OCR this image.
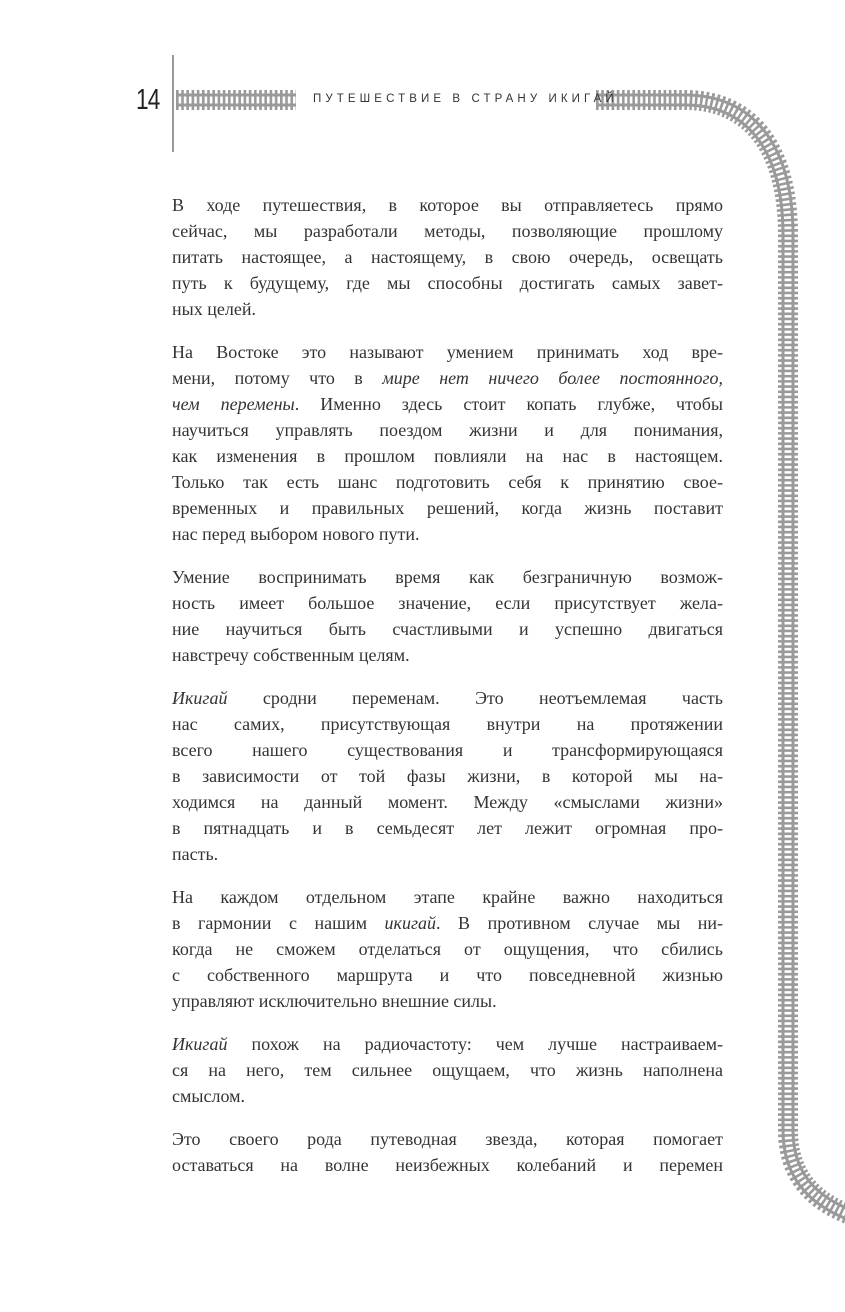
14	ПУТЕШЕСТВИЕ В СТРАНУ ИКИГАЙ
В ходе путешествия, в которое вы отправляетесь прямо
сейчас, мы разработали методы, позволяющие прошлому
питать настоящее, а настоящему, в свою очередь, освещать
путь к будущему, где мы способны достигать самых завет-
ных целей.
На Востоке это называют умением принимать ход вре-
мени, потому что в мире нет ничего более постоянного,
чем перемены. Именно здесь стоит копать глубже, чтобы
научиться управлять поездом жизни и для понимания,
как изменения в прошлом повлияли на нас в настоящем.
Только так есть шанс подготовить себя к принятию свое-
временных и правильных решений, когда жизнь поставит
нас перед выбором нового пути.
Умение воспринимать время как безграничную возмож-
ность имеет большое значение, если присутствует жела-
ние научиться быть счастливыми и успешно двигаться
навстречу собственным целям.
Икигай сродни переменам. Это неотъемлемая часть
нас самих, присутствующая внутри на протяжении
всего нашего существования и трансформирующаяся
в зависимости от той фазы жизни, в которой мы на-
ходимся на данный момент. Между «смыслами жизни»
в пятнадцать и в семьдесят лет лежит огромная про-
пасть.
На каждом отдельном этапе крайне важно находиться
в гармонии с нашим икигай. В противном случае мы ни-
когда не сможем отделаться от ощущения, что сбились
с собственного маршрута и что повседневной жизнью
управляют исключительно внешние силы.
Икигай похож на радиочастоту: чем лучше настраиваем-
ся на него, тем сильнее ощущаем, что жизнь наполнена
смыслом.
Это своего рода путеводная звезда, которая помогает
оставаться на волне неизбежных колебаний и перемен
